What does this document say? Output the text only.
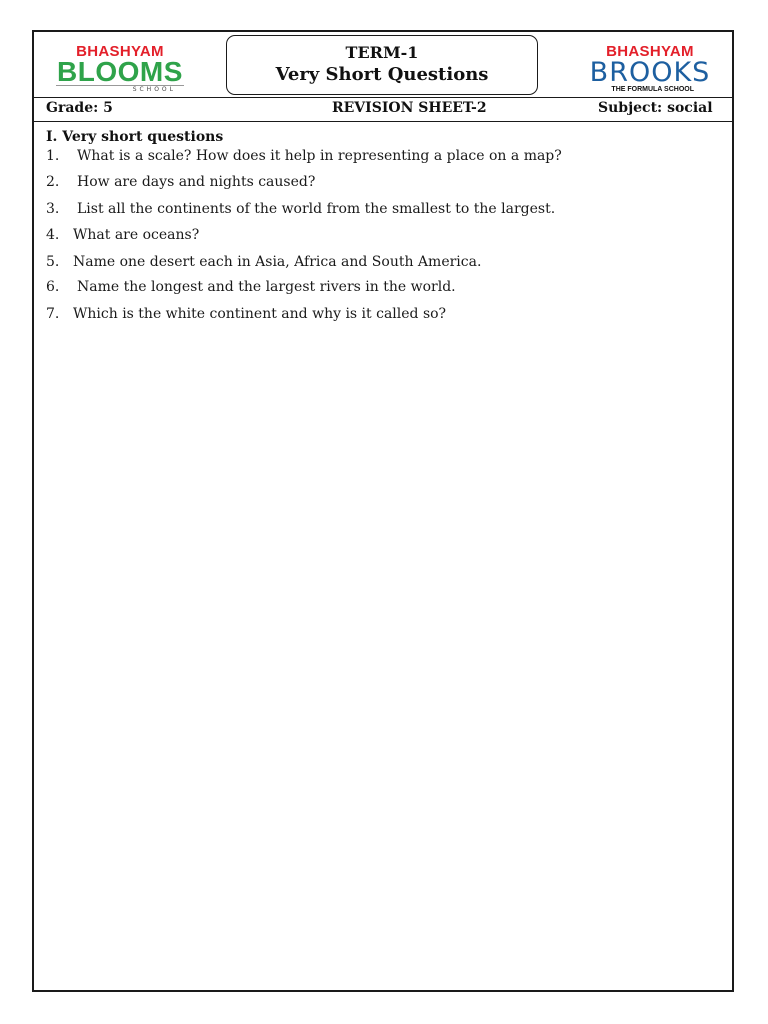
BHASHYAM
BLOOMS
SCHOOL
TERM-1
Very Short Questions
BHASHYAM
BROOKS
THE FORMULA SCHOOL
Grade: 5	REVISION SHEET-2	Subject: social
I. Very short questions
1. What is a scale? How does it help in representing a place on a map?
2. How are days and nights caused?
3. List all the continents of the world from the smallest to the largest.
4. What are oceans?
5. Name one desert each in Asia, Africa and South America.
6. Name the longest and the largest rivers in the world.
7. Which is the white continent and why is it called so?
